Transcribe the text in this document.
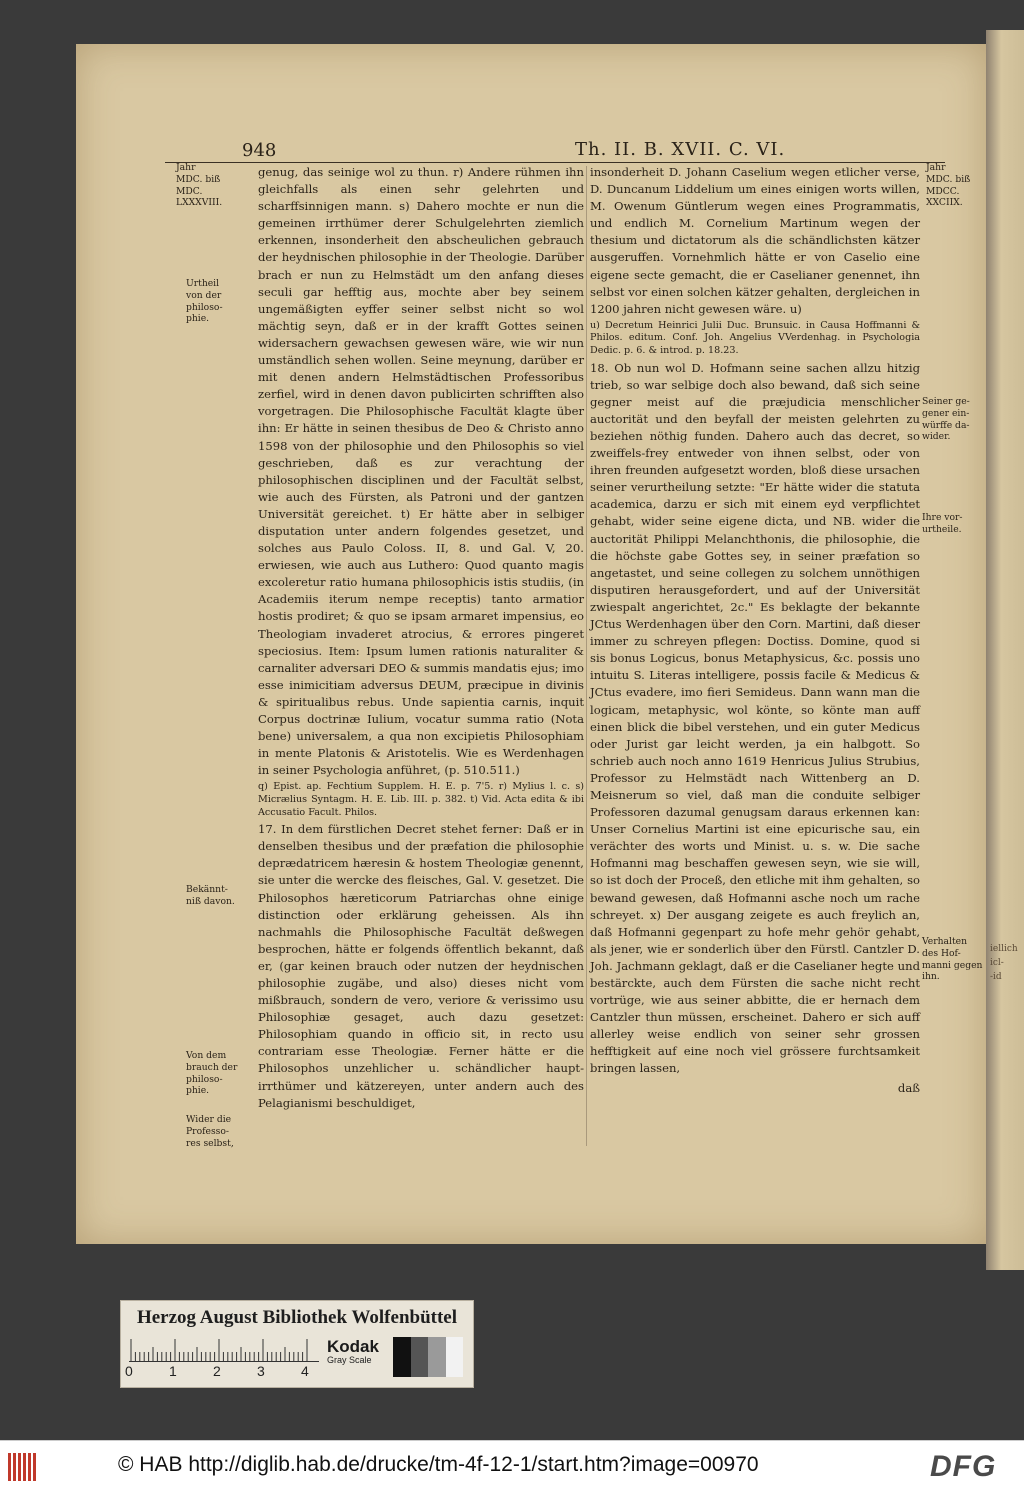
iellich
icl-
-id
948	Th. II. B. XVII. C. VI.
Jahr
MDC. biß
MDC.
LXXXVIII.
Urtheil
von der
philoso-
phie.
Bekännt-
niß davon.
Von dem
brauch der
philoso-
phie.
Wider die
Professo-
res selbst,
Jahr
MDC. biß
MDCC.
XXCIIX.
Seiner ge-
gener ein-
würffe da-
wider.
Ihre vor-
urtheile.
Verhalten
des Hof-
manni gegen
ihn.

genug, das seinige wol zu thun. r) Andere rühmen ihn gleichfalls als einen sehr gelehrten und scharffsinnigen mann. s) Dahero mochte er nun die gemeinen irrthümer derer Schulgelehrten ziemlich erkennen, insonderheit den abscheulichen gebrauch der heydnischen philosophie in der Theologie. Darüber brach er nun zu Helmstädt um den anfang dieses seculi gar hefftig aus, mochte aber bey seinem ungemäßigten eyffer seiner selbst nicht so wol mächtig seyn, daß er in der krafft Gottes seinen widersachern gewachsen gewesen wäre, wie wir nun umständlich sehen wollen. Seine meynung, darüber er mit denen andern Helmstädtischen Professoribus zerfiel, wird in denen davon publicirten schrifften also vorgetragen. Die Philosophische Facultät klagte über ihn: Er hätte in seinen thesibus de Deo & Christo anno 1598 von der philosophie und den Philosophis so viel geschrieben, daß es zur verachtung der philosophischen disciplinen und der Facultät selbst, wie auch des Fürsten, als Patroni und der gantzen Universität gereichet. t) Er hätte aber in selbiger disputation unter andern folgendes gesetzet, und solches aus Paulo Coloss. II, 8. und Gal. V, 20. erwiesen, wie auch aus Luthero: Quod quanto magis excoleretur ratio humana philosophicis istis studiis, (in Academiis iterum nempe receptis) tanto armatior hostis prodiret; & quo se ipsam armaret impensius, eo Theologiam invaderet atrocius, & errores pingeret speciosius. Item: Ipsum lumen rationis naturaliter & carnaliter adversari DEO & summis mandatis ejus; imo esse inimicitiam adversus DEUM, præcipue in divinis & spiritualibus rebus. Unde sapientia carnis, inquit Corpus doctrinæ Iulium, vocatur summa ratio (Nota bene) universalem, a qua non excipietis Philosophiam in mente Platonis & Aristotelis. Wie es Werdenhagen in seiner Psychologia anführet, (p. 510.511.)

q) Epist. ap. Fechtium Supplem. H. E. p. 7'5. r) Mylius l. c. s) Micrælius Syntagm. H. E. Lib. III. p. 382. t) Vid. Acta edita & ibi Accusatio Facult. Philos.

17. In dem fürstlichen Decret stehet ferner: Daß er in denselben thesibus und der præfation die philosophie deprædatricem hæresin & hostem Theologiæ genennt, sie unter die wercke des fleisches, Gal. V. gesetzet. Die Philosophos hæreticorum Patriarchas ohne einige distinction oder erklärung geheissen. Als ihn nachmahls die Philosophische Facultät deßwegen besprochen, hätte er folgends öffentlich bekannt, daß er, (gar keinen brauch oder nutzen der heydnischen philosophie zugäbe, und also) dieses nicht vom mißbrauch, sondern de vero, veriore & verissimo usu Philosophiæ gesaget, auch dazu gesetzet: Philosophiam quando in officio sit, in recto usu contrariam esse Theologiæ. Ferner hätte er die Philosophos unzehlicher u. schändlicher haupt-irrthümer und kätzereyen, unter andern auch des Pelagianismi beschuldiget,

insonderheit D. Johann Caselium wegen etlicher verse, D. Duncanum Liddelium um eines einigen worts willen, M. Owenum Güntlerum wegen eines Programmatis, und endlich M. Cornelium Martinum wegen der thesium und dictatorum als die schändlichsten kätzer ausgeruffen. Vornehmlich hätte er von Caselio eine eigene secte gemacht, die er Caselianer genennet, ihn selbst vor einen solchen kätzer gehalten, dergleichen in 1200 jahren nicht gewesen wäre. u)

u) Decretum Heinrici Julii Duc. Brunsuic. in Causa Hoffmanni & Philos. editum. Conf. Joh. Angelius VVerdenhag. in Psychologia Dedic. p. 6. & introd. p. 18.23.

18. Ob nun wol D. Hofmann seine sachen allzu hitzig trieb, so war selbige doch also bewand, daß sich seine gegner meist auf die præjudicia menschlicher auctorität und den beyfall der meisten gelehrten zu beziehen nöthig funden. Dahero auch das decret, so zweiffels-frey entweder von ihnen selbst, oder von ihren freunden aufgesetzt worden, bloß diese ursachen seiner verurtheilung setzte: "Er hätte wider die statuta academica, darzu er sich mit einem eyd verpflichtet gehabt, wider seine eigene dicta, und NB. wider die auctorität Philippi Melanchthonis, die philosophie, die die höchste gabe Gottes sey, in seiner præfation so angetastet, und seine collegen zu solchem unnöthigen disputiren herausgefordert, und auf der Universität zwiespalt angerichtet, 2c." Es beklagte der bekannte JCtus Werdenhagen über den Corn. Martini, daß dieser immer zu schreyen pflegen: Doctiss. Domine, quod si sis bonus Logicus, bonus Metaphysicus, &c. possis uno intuitu S. Literas intelligere, possis facile & Medicus & JCtus evadere, imo fieri Semideus. Dann wann man die logicam, metaphysic, wol könte, so könte man auff einen blick die bibel verstehen, und ein guter Medicus oder Jurist gar leicht werden, ja ein halbgott. So schrieb auch noch anno 1619 Henricus Julius Strubius, Professor zu Helmstädt nach Wittenberg an D. Meisnerum so viel, daß man die conduite selbiger Professoren dazumal genugsam daraus erkennen kan: Unser Cornelius Martini ist eine epicurische sau, ein verächter des worts und Minist. u. s. w. Die sache Hofmanni mag beschaffen gewesen seyn, wie sie will, so ist doch der Proceß, den etliche mit ihm gehalten, so bewand gewesen, daß Hofmanni asche noch um rache schreyet. x) Der ausgang zeigete es auch freylich an, daß Hofmanni gegenpart zu hofe mehr gehör gehabt, als jener, wie er sonderlich über den Fürstl. Cantzler D. Joh. Jachmann geklagt, daß er die Caselianer hegte und bestärckte, auch dem Fürsten die sache nicht recht vortrüge, wie aus seiner abbitte, die er hernach dem Cantzler thun müssen, erscheinet. Dahero er sich auff allerley weise endlich von seiner sehr grossen hefftigkeit auf eine noch viel grössere furchtsamkeit bringen lassen,

daß

Herzog August Bibliothek Wolfenbüttel
0	1	2	3	4
Kodak
Gray Scale
© HAB http://diglib.hab.de/drucke/tm-4f-12-1/start.htm?image=00970	DFG
